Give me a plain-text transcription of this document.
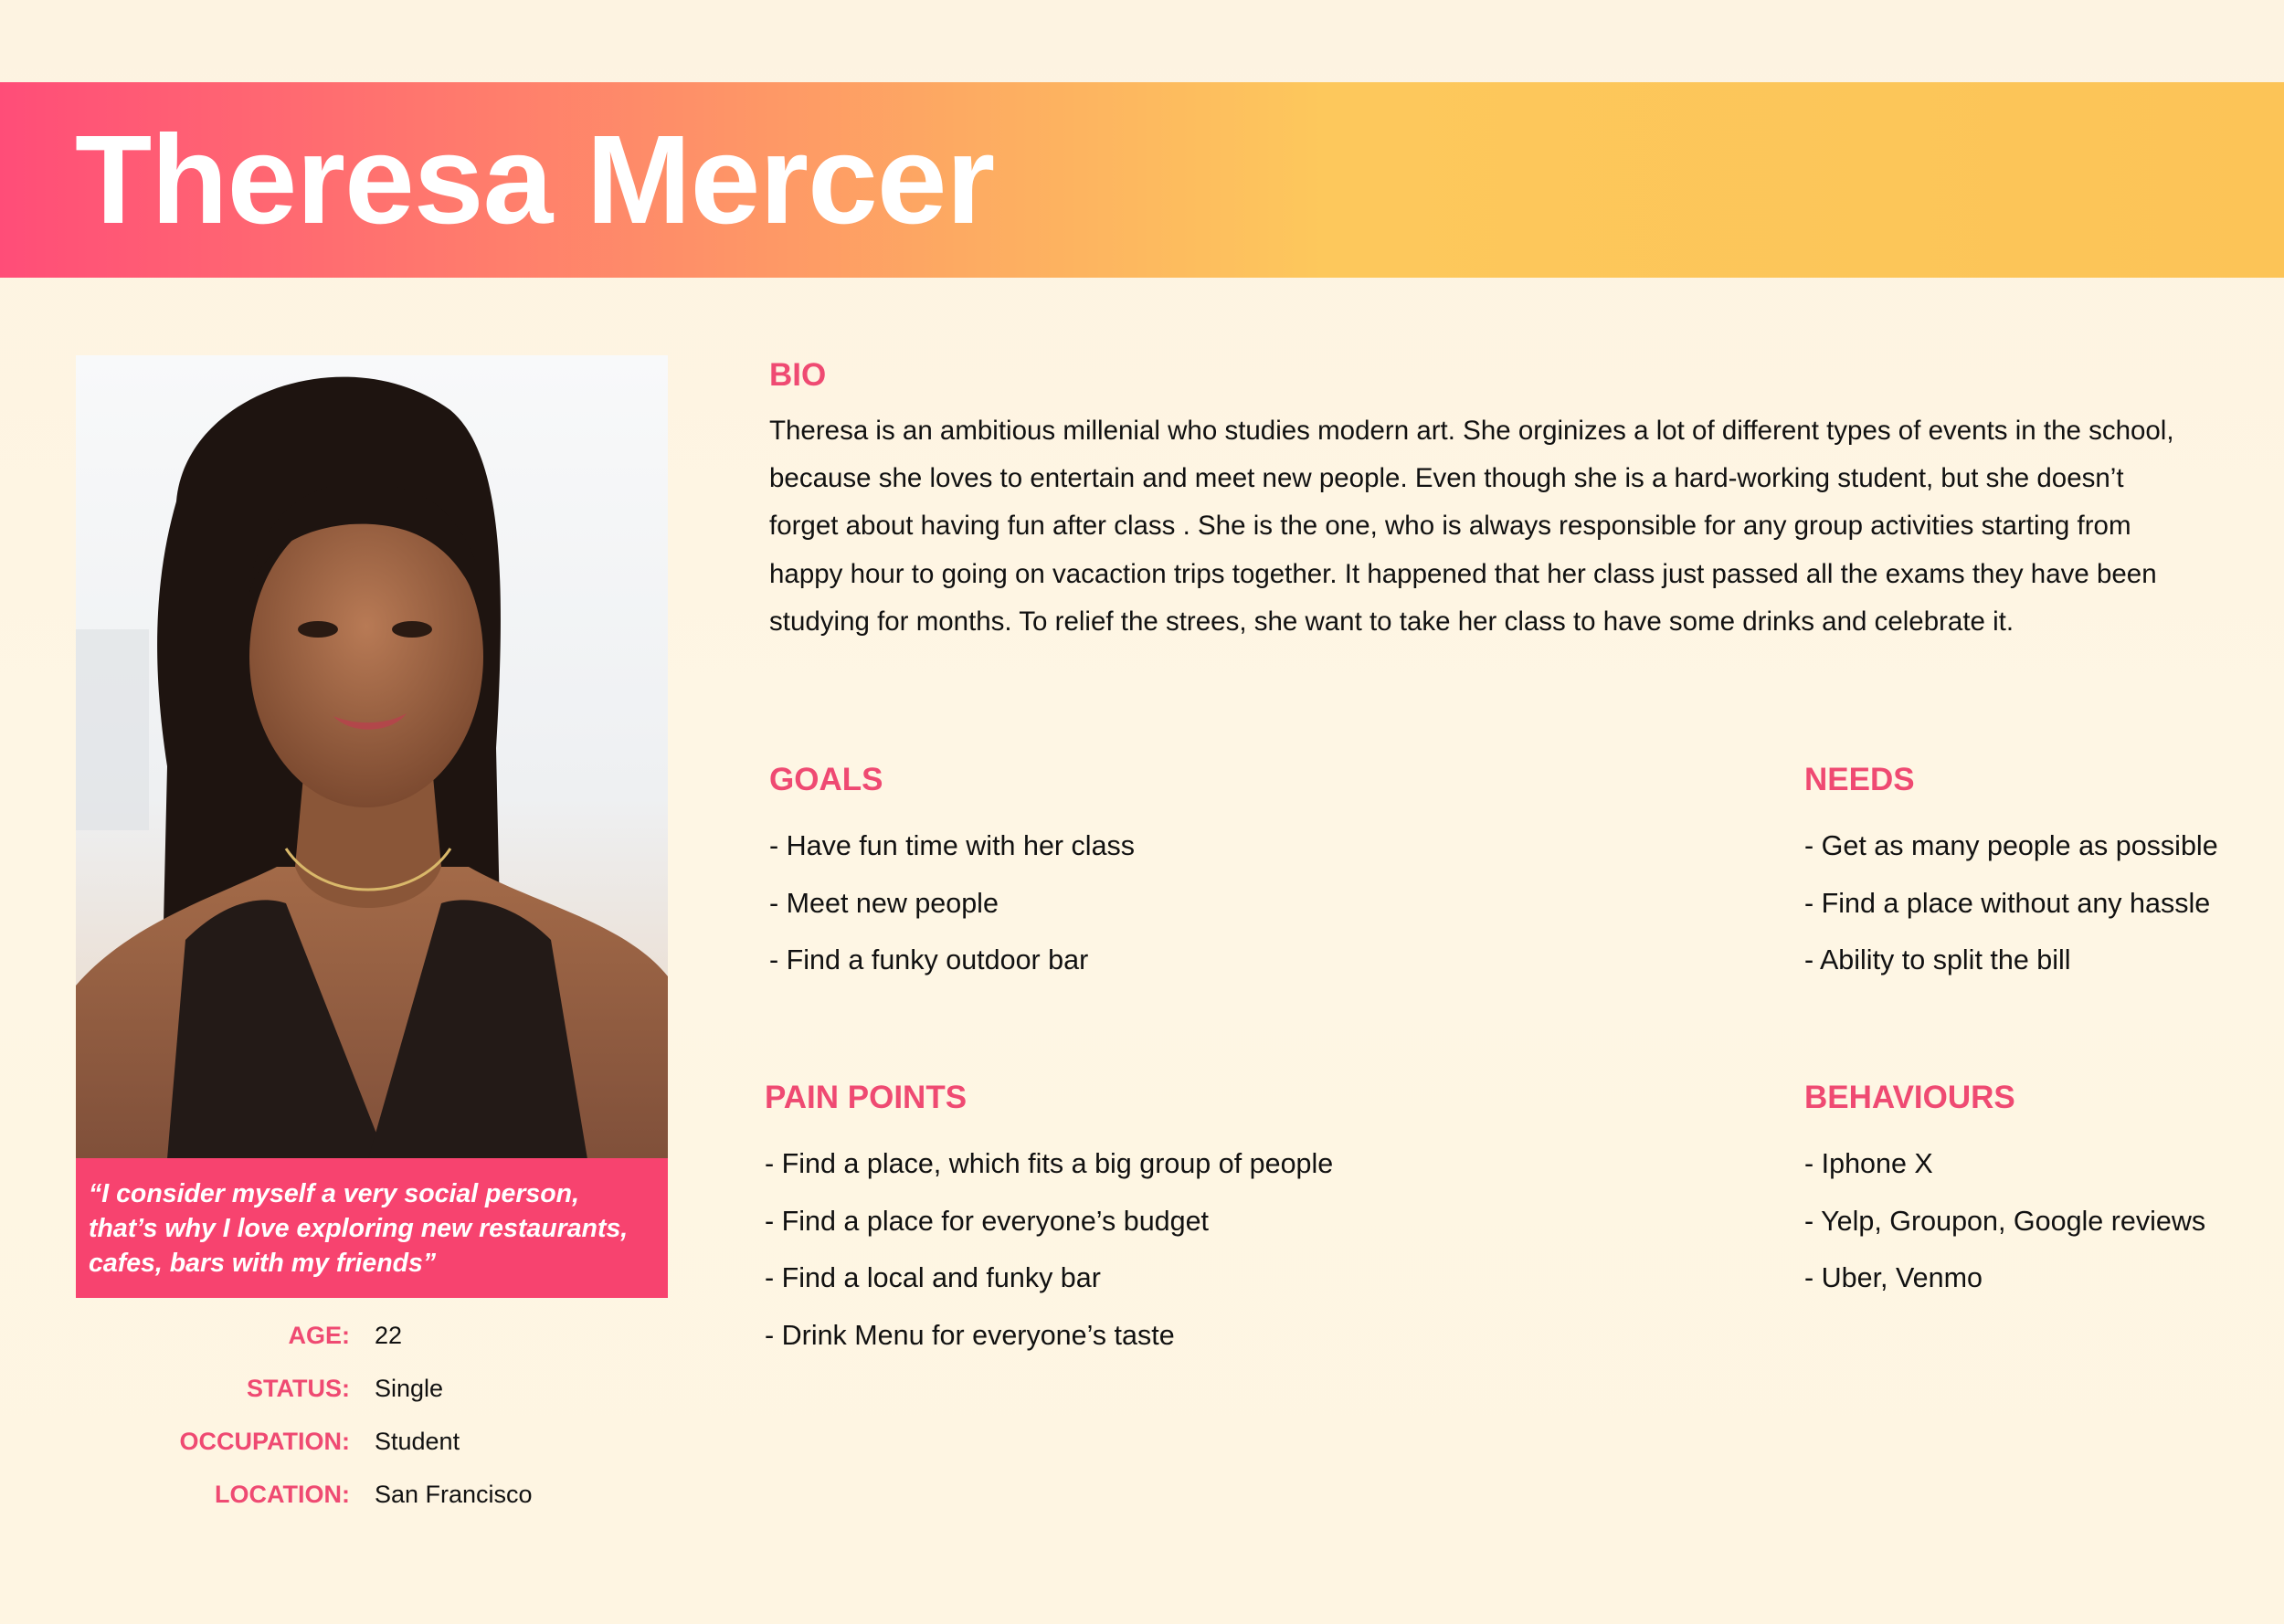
Theresa Mercer

“I consider myself a very social person, that’s why I love exploring new restaurants, cafes, bars with my friends”

AGE: 22
STATUS: Single
OCCUPATION: Student
LOCATION: San Francisco
BIO

Theresa is an ambitious millenial who studies modern art. She orginizes a lot of different types of events in the school, because she loves to entertain and meet new people. Even though she is a hard-working student, but she doesn’t forget about having fun after class . She is the one, who is always responsible for any group activities starting from happy hour to going on vacaction trips together. It happened that her class just passed all the exams they have been studying for months. To relief the strees, she want to take her class to have some drinks and celebrate it.

GOALS
- Have fun time with her class
- Meet new people
- Find a funky outdoor bar
NEEDS
- Get as many people as possible
- Find a place without any hassle
- Ability to split the bill
PAIN POINTS
- Find a place, which fits a big group of people
- Find a place for everyone’s budget
- Find a local and funky bar
- Drink Menu for everyone’s taste
BEHAVIOURS
- Iphone X
- Yelp, Groupon, Google reviews
- Uber, Venmo
